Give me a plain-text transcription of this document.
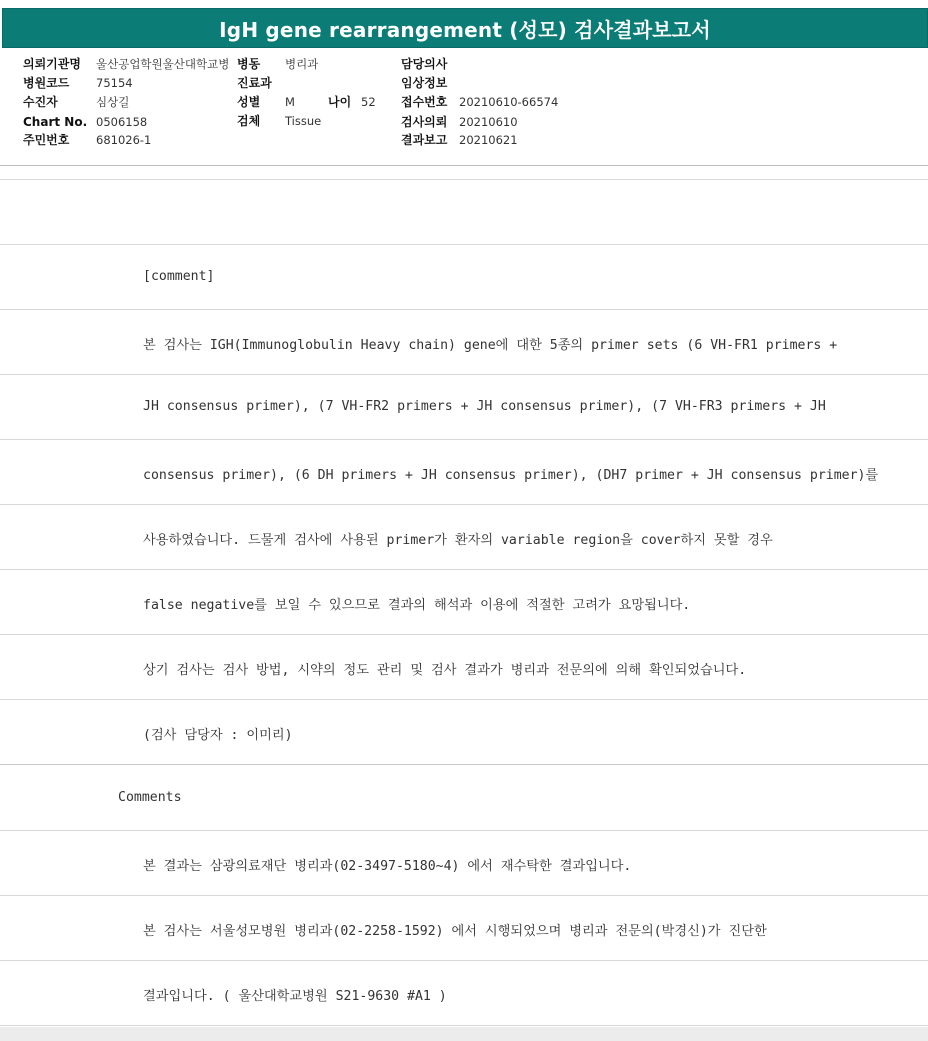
IgH gene rearrangement (성모) 검사결과보고서
의뢰기관명 울산공업학원울산대학교병 병동 병리과	담당의사
병원코드 75154	진료과	임상정보
수진자	심상길	성별 M	나이 52 접수번호 20210610-66574
Chart No. 0506158	검체 Tissue	검사의뢰 20210610
주민번호 681026-1	결과보고 20210621
[comment]
본 검사는 IGH(Immunoglobulin Heavy chain) gene에 대한 5종의 primer sets (6 VH-FR1 primers +
JH consensus primer), (7 VH-FR2 primers + JH consensus primer), (7 VH-FR3 primers + JH
consensus primer), (6 DH primers + JH consensus primer), (DH7 primer + JH consensus primer)를
사용하였습니다. 드물게 검사에 사용된 primer가 환자의 variable region을 cover하지 못할 경우
false negative를 보일 수 있으므로 결과의 해석과 이용에 적절한 고려가 요망됩니다.
상기 검사는 검사 방법, 시약의 정도 관리 및 검사 결과가 병리과 전문의에 의해 확인되었습니다.
(검사 담당자 : 이미리)
Comments
본 결과는 삼광의료재단 병리과(02-3497-5180~4) 에서 재수탁한 결과입니다.
본 검사는 서울성모병원 병리과(02-2258-1592) 에서 시행되었으며 병리과 전문의(박경신)가 진단한
결과입니다. ( 울산대학교병원 S21-9630 #A1 )
